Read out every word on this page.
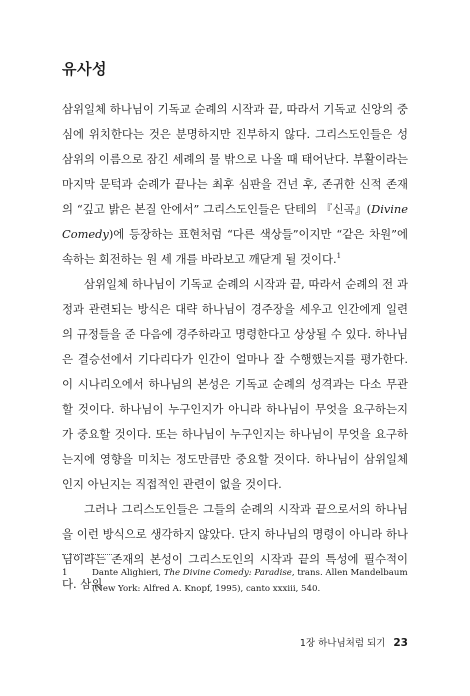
유사성

삼위일체 하나님이 기독교 순례의 시작과 끝, 따라서 기독교 신앙의 중심에 위치한다는 것은 분명하지만 진부하지 않다. 그리스도인들은 성삼위의 이름으로 잠긴 세례의 물 밖으로 나올 때 태어난다. 부활이라는 마지막 문턱과 순례가 끝나는 최후 심판을 건넌 후, 존귀한 신적 존재의 “깊고 밝은 본질 안에서” 그리스도인들은 단테의 『신곡』(Divine Comedy)에 등장하는 표현처럼 “다른 색상들”이지만 “같은 차원”에 속하는 회전하는 원 세 개를 바라보고 깨닫게 될 것이다.$^1$

삼위일체 하나님이 기독교 순례의 시작과 끝, 따라서 순례의 전 과정과 관련되는 방식은 대략 하나님이 경주장을 세우고 인간에게 일련의 규정들을 준 다음에 경주하라고 명령한다고 상상될 수 있다. 하나님은 결승선에서 기다리다가 인간이 얼마나 잘 수행했는지를 평가한다. 이 시나리오에서 하나님의 본성은 기독교 순례의 성격과는 다소 무관할 것이다. 하나님이 누구인지가 아니라 하나님이 무엇을 요구하는지가 중요할 것이다. 또는 하나님이 누구인지는 하나님이 무엇을 요구하는지에 영향을 미치는 정도만큼만 중요할 것이다. 하나님이 삼위일체인지 아닌지는 직접적인 관련이 없을 것이다.

그러나 그리스도인들은 그들의 순례의 시작과 끝으로서의 하나님을 이런 방식으로 생각하지 않았다. 단지 하나님의 명령이 아니라 하나님이라는 존재의 본성이 그리스도인의 시작과 끝의 특성에 필수적이다. 삼위

1	Dante Alighieri, The Divine Comedy: Paradise, trans. Allen Mandelbaum (New York: Alfred A. Knopf, 1995), canto xxxiii, 540.
1장 하나님처럼 되기 23
